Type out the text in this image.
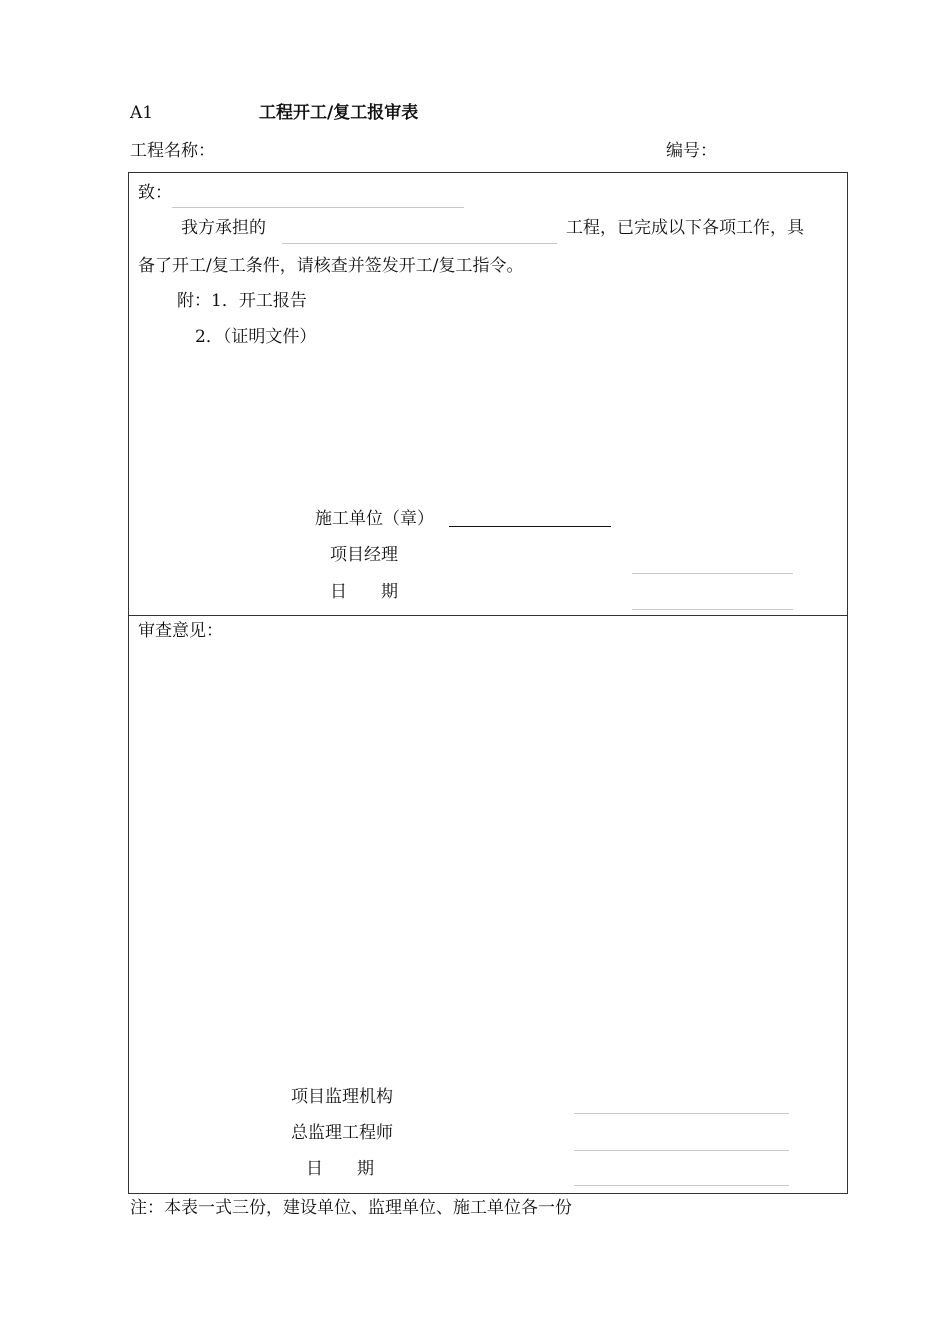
A1	工程开工/复工报审表
工程名称：	编号：
致：
我方承担的	工程，已完成以下各项工作，具
备了开工/复工条件，请核查并签发开工/复工指令。
附：1．开工报告
2．（证明文件）
施工单位（章）
项目经理
日　　期
审查意见：
项目监理机构
总监理工程师
日　　期
注：本表一式三份，建设单位、监理单位、施工单位各一份
